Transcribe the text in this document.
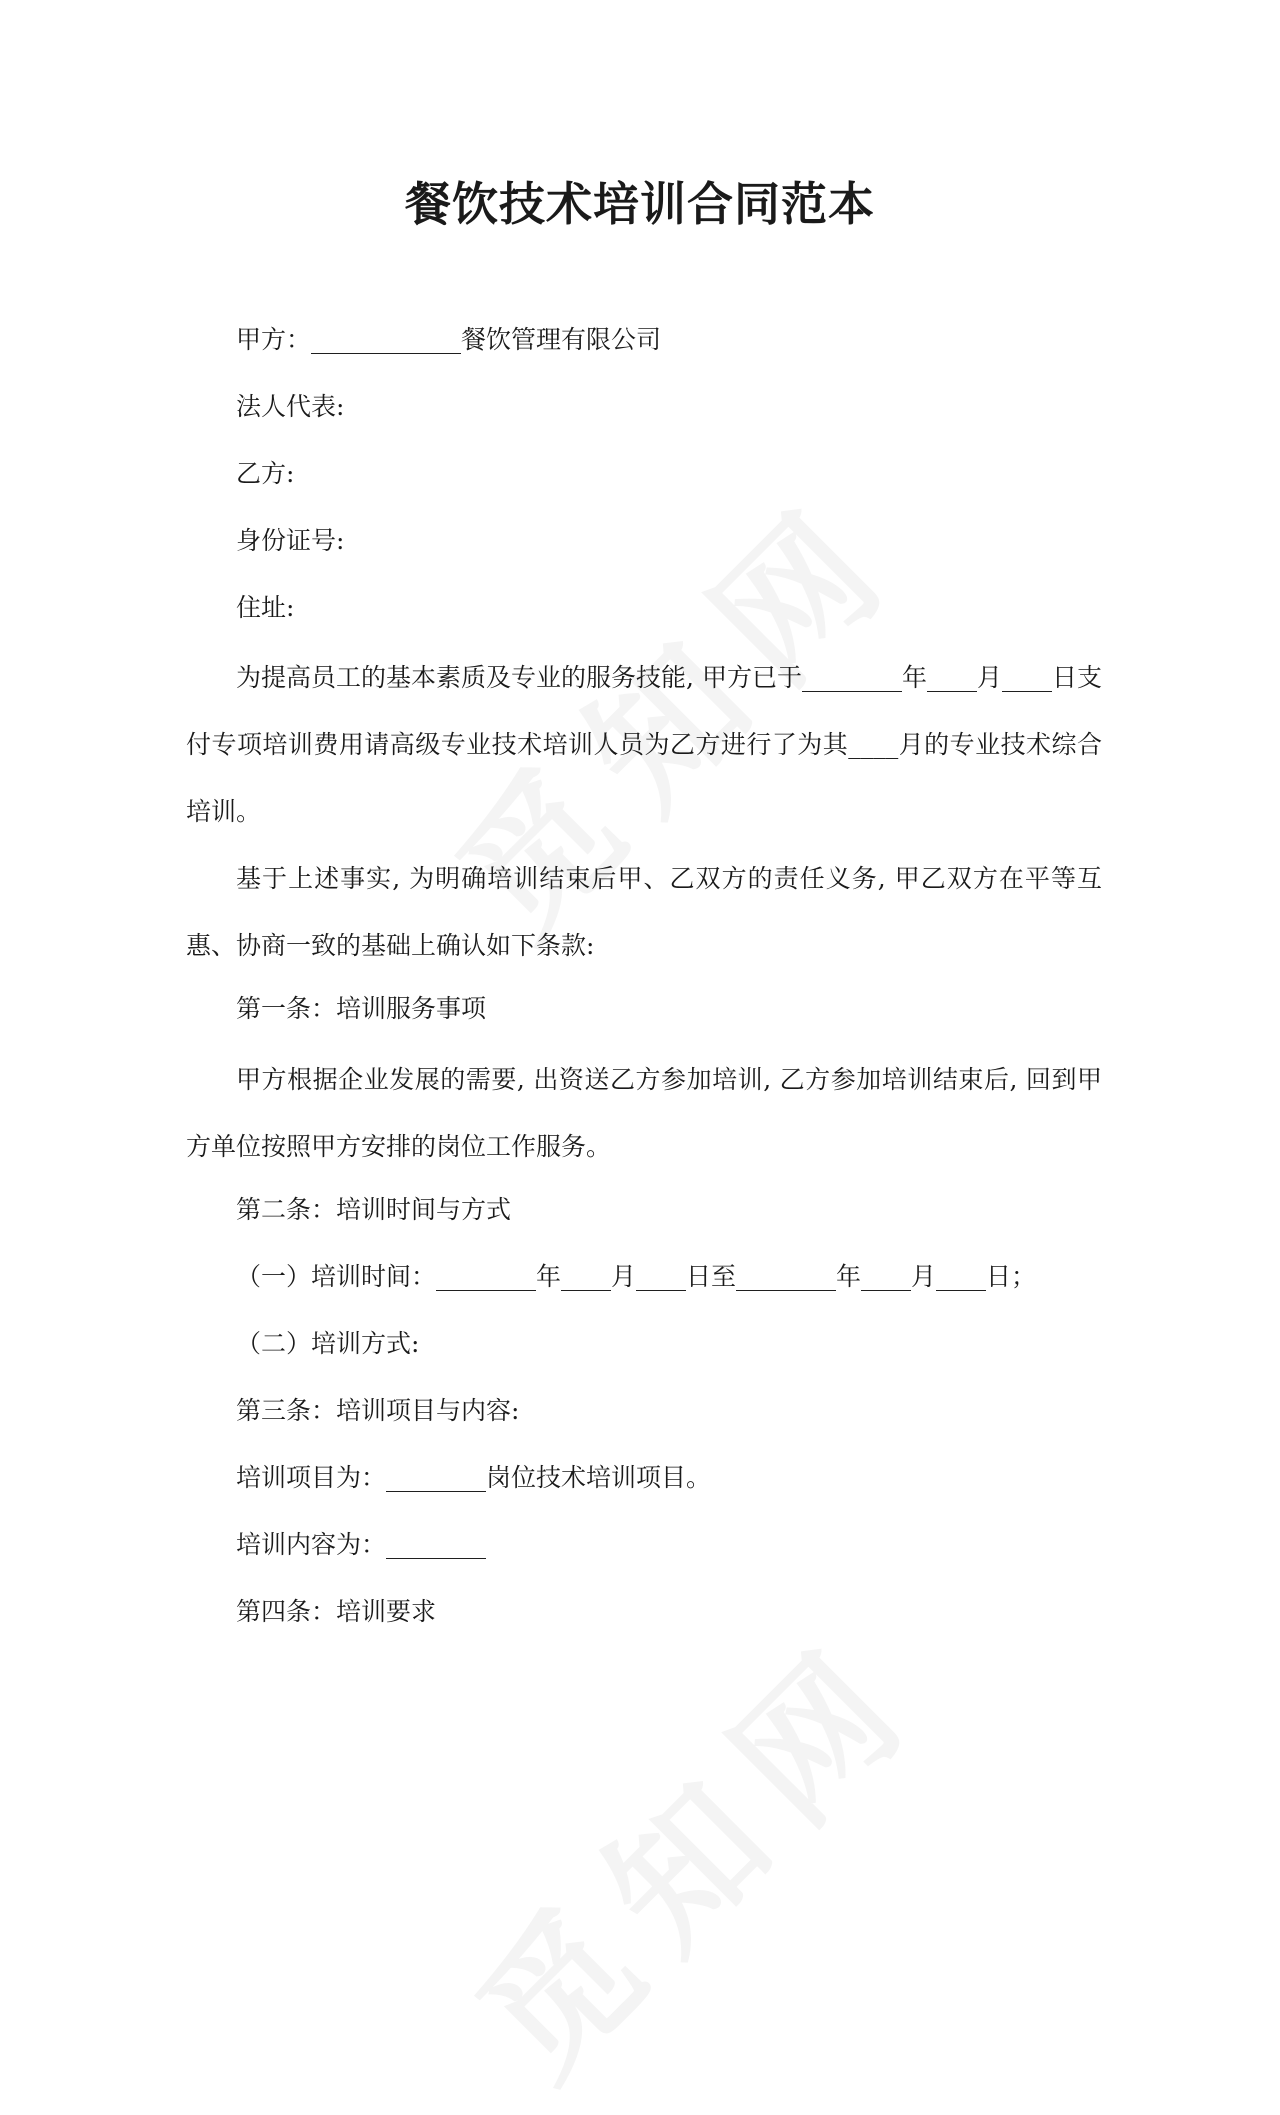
餐饮技术培训合同范本

甲方：____________餐饮管理有限公司

法人代表:

乙方:

身份证号:

住址:

为提高员工的基本素质及专业的服务技能, 甲方已于________年____月____日支付专项培训费用请高级专业技术培训人员为乙方进行了为其____月的专业技术综合培训。

基于上述事实, 为明确培训结束后甲、乙双方的责任义务, 甲乙双方在平等互惠、协商一致的基础上确认如下条款:

第一条：培训服务事项

甲方根据企业发展的需要, 出资送乙方参加培训, 乙方参加培训结束后, 回到甲方单位按照甲方安排的岗位工作服务。

第二条：培训时间与方式

（一）培训时间：________年____月____日至________年____月____日；

（二）培训方式:

第三条：培训项目与内容:

培训项目为：________岗位技术培训项目。

培训内容为：________

第四条：培训要求
